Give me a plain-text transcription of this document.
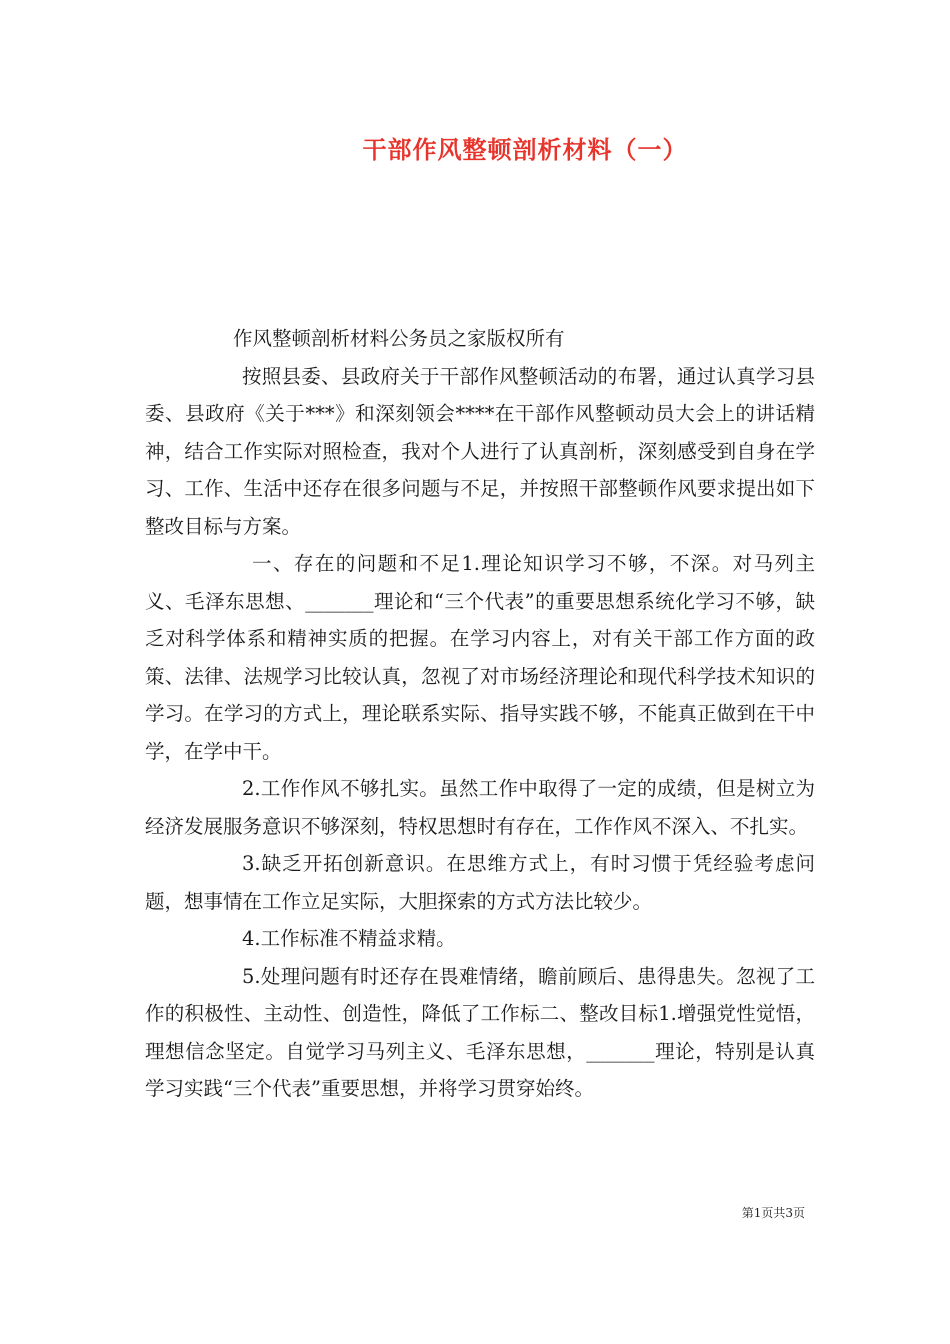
干部作风整顿剖析材料（一）

作风整顿剖析材料公务员之家版权所有

按照县委、县政府关于干部作风整顿活动的布署，通过认真学习县委、县政府《关于***》和深刻领会****在干部作风整顿动员大会上的讲话精神，结合工作实际对照检查，我对个人进行了认真剖析，深刻感受到自身在学习、工作、生活中还存在很多问题与不足，并按照干部整顿作风要求提出如下整改目标与方案。

一、存在的问题和不足1.理论知识学习不够，不深。对马列主义、毛泽东思想、_______理论和“三个代表”的重要思想系统化学习不够，缺乏对科学体系和精神实质的把握。在学习内容上，对有关干部工作方面的政策、法律、法规学习比较认真，忽视了对市场经济理论和现代科学技术知识的学习。在学习的方式上，理论联系实际、指导实践不够，不能真正做到在干中学，在学中干。

2.工作作风不够扎实。虽然工作中取得了一定的成绩，但是树立为经济发展服务意识不够深刻，特权思想时有存在，工作作风不深入、不扎实。

3.缺乏开拓创新意识。在思维方式上，有时习惯于凭经验考虑问题，想事情在工作立足实际，大胆探索的方式方法比较少。

4.工作标准不精益求精。

5.处理问题有时还存在畏难情绪，瞻前顾后、患得患失。忽视了工作的积极性、主动性、创造性，降低了工作标二、整改目标1.增强党性觉悟，理想信念坚定。自觉学习马列主义、毛泽东思想，_______理论，特别是认真学习实践“三个代表”重要思想，并将学习贯穿始终。

第1页共3页
